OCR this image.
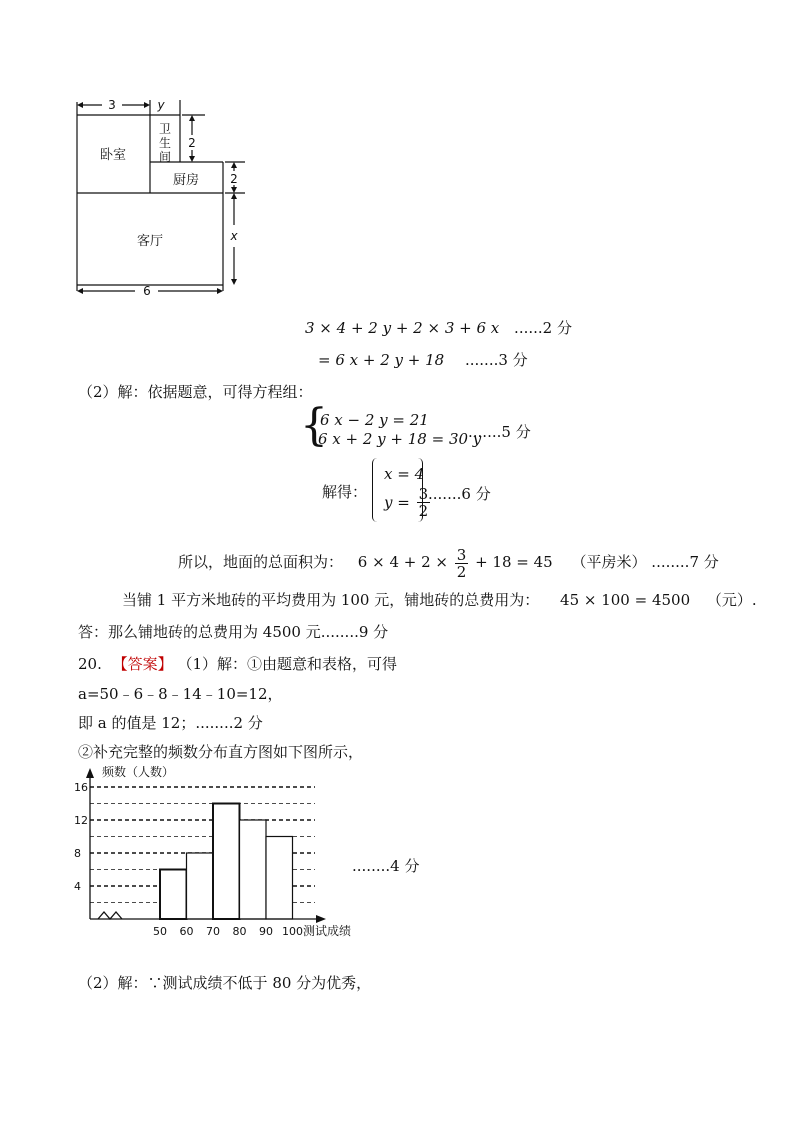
3	y
2
2
x
6
卧室
卫
生
间
厨房
客厅
3 × 4 + 2 y + 2 × 3 + 6 x ......2 分
= 6 x + 2 y + 18 .......3 分
（2）解：依据题意，可得方程组：
{
6 x − 2 y = 21
6 x + 2 y + 18 = 30 y
.......5 分
解得：
x = 4
$y = \frac{3}{2}$
.......6 分
所以，地面的总面积为： $6 \times 4 + 2 \times \frac{3}{2} + 18 = 45$ （平房米） ........7 分
当铺 1 平方米地砖的平均费用为 100 元，铺地砖的总费用为： 45 × 100 = 4500 （元）.
答：那么铺地砖的总费用为 4500 元........9 分
20. 【答案】 （1）解：①由题意和表格，可得
a=50﹣6﹣8﹣14﹣10=12，
即 a 的值是 12；........2 分
②补充完整的频数分布直方图如下图所示，
频数（人数）
测试成绩
4
8
12
16
50 60 70 80 90 100
........4 分
（2）解：∵测试成绩不低于 80 分为优秀，
